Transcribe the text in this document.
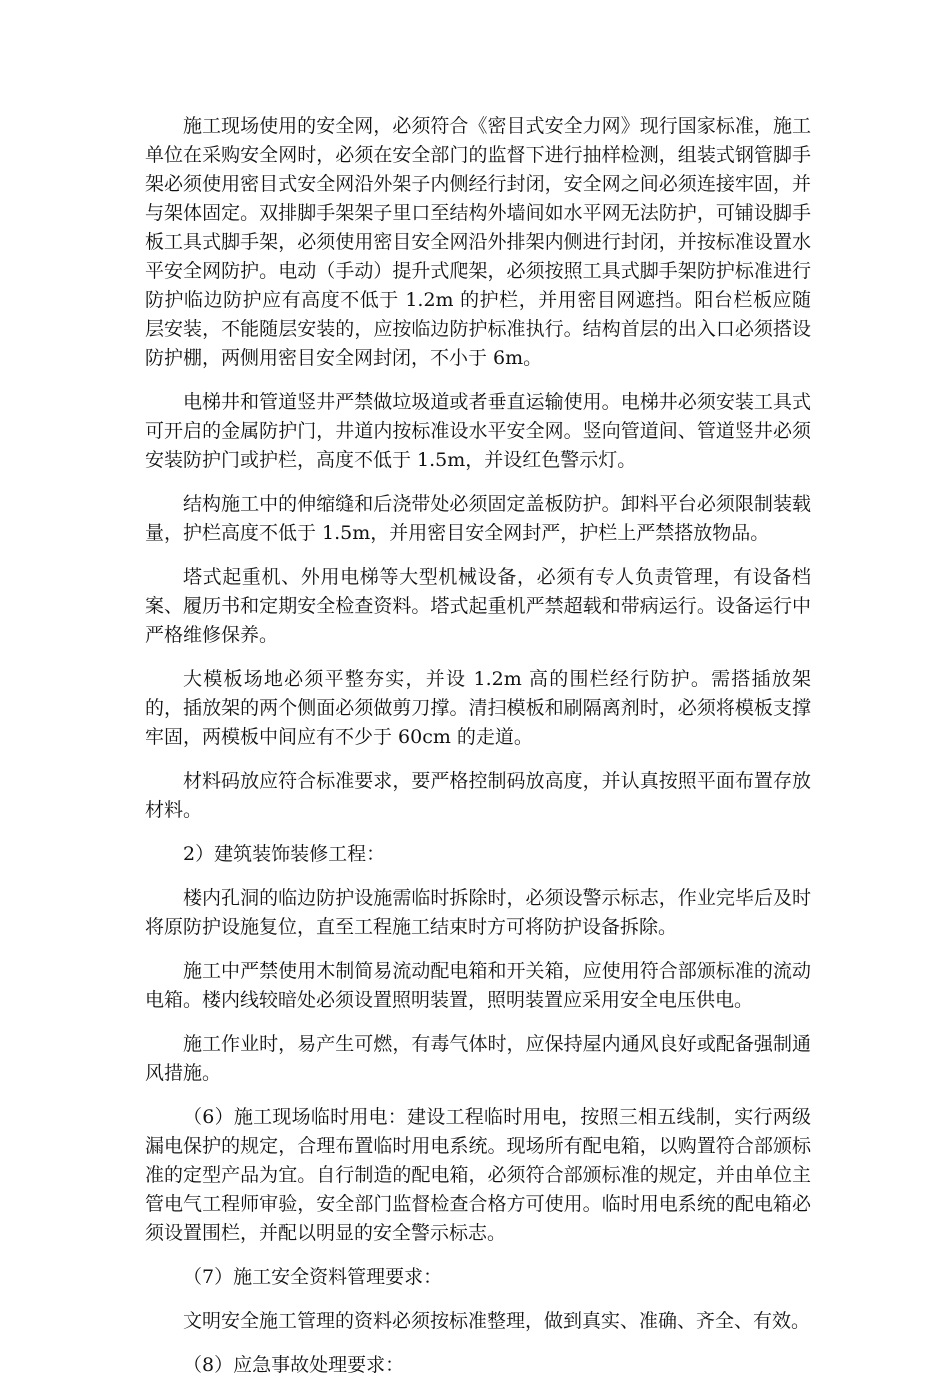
施工现场使用的安全网，必须符合《密目式安全力网》现行国家标准，施工单位在采购安全网时，必须在安全部门的监督下进行抽样检测，组装式钢管脚手架必须使用密目式安全网沿外架子内侧经行封闭，安全网之间必须连接牢固，并与架体固定。双排脚手架架子里口至结构外墙间如水平网无法防护，可铺设脚手板工具式脚手架，必须使用密目安全网沿外排架内侧进行封闭，并按标准设置水平安全网防护。电动（手动）提升式爬架，必须按照工具式脚手架防护标准进行防护临边防护应有高度不低于 1.2m 的护栏，并用密目网遮挡。阳台栏板应随层安装，不能随层安装的，应按临边防护标准执行。结构首层的出入口必须搭设防护棚，两侧用密目安全网封闭，不小于 6m。

电梯井和管道竖井严禁做垃圾道或者垂直运输使用。电梯井必须安装工具式可开启的金属防护门，井道内按标准设水平安全网。竖向管道间、管道竖井必须安装防护门或护栏，高度不低于 1.5m，并设红色警示灯。

结构施工中的伸缩缝和后浇带处必须固定盖板防护。卸料平台必须限制装载量，护栏高度不低于 1.5m，并用密目安全网封严，护栏上严禁搭放物品。

塔式起重机、外用电梯等大型机械设备，必须有专人负责管理，有设备档案、履历书和定期安全检查资料。塔式起重机严禁超载和带病运行。设备运行中严格维修保养。

大模板场地必须平整夯实，并设 1.2m 高的围栏经行防护。需搭插放架的，插放架的两个侧面必须做剪刀撑。清扫模板和刷隔离剂时，必须将模板支撑牢固，两模板中间应有不少于 60cm 的走道。

材料码放应符合标准要求，要严格控制码放高度，并认真按照平面布置存放材料。

2）建筑装饰装修工程：

楼内孔洞的临边防护设施需临时拆除时，必须设警示标志，作业完毕后及时将原防护设施复位，直至工程施工结束时方可将防护设备拆除。

施工中严禁使用木制简易流动配电箱和开关箱，应使用符合部颁标准的流动电箱。楼内线较暗处必须设置照明装置，照明装置应采用安全电压供电。

施工作业时，易产生可燃，有毒气体时，应保持屋内通风良好或配备强制通风措施。

（6）施工现场临时用电：建设工程临时用电，按照三相五线制，实行两级漏电保护的规定，合理布置临时用电系统。现场所有配电箱，以购置符合部颁标准的定型产品为宜。自行制造的配电箱，必须符合部颁标准的规定，并由单位主管电气工程师审验，安全部门监督检查合格方可使用。临时用电系统的配电箱必须设置围栏，并配以明显的安全警示标志。

（7）施工安全资料管理要求：

文明安全施工管理的资料必须按标准整理，做到真实、准确、齐全、有效。

（8）应急事故处理要求：
